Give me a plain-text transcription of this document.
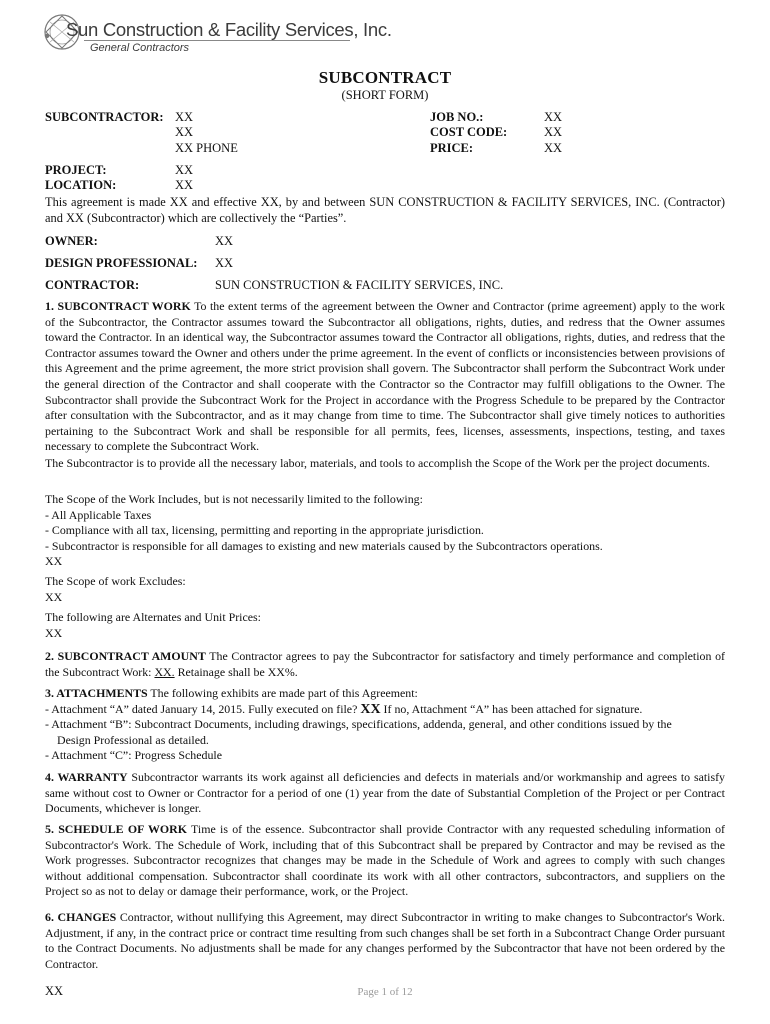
Sun Construction & Facility Services, Inc.
General Contractors
SUBCONTRACT
(SHORT FORM)
SUBCONTRACTOR: XX
XX
XX PHONE
JOB NO.:	XX
COST CODE:	XX
PRICE:	XX
PROJECT:	XX
LOCATION:	XX
This agreement is made XX and effective XX, by and between SUN CONSTRUCTION & FACILITY SERVICES, INC. (Contractor) and XX (Subcontractor) which are collectively the “Parties”.
OWNER:	XX
DESIGN PROFESSIONAL: XX
CONTRACTOR:	SUN CONSTRUCTION & FACILITY SERVICES, INC.
1. SUBCONTRACT WORK To the extent terms of the agreement between the Owner and Contractor (prime agreement) apply to the work of the Subcontractor, the Contractor assumes toward the Subcontractor all obligations, rights, duties, and redress that the Owner assumes toward the Contractor. In an identical way, the Subcontractor assumes toward the Contractor all obligations, rights, duties, and redress that the Contractor assumes toward the Owner and others under the prime agreement. In the event of conflicts or inconsistencies between provisions of this Agreement and the prime agreement, the more strict provision shall govern. The Subcontractor shall perform the Subcontract Work under the general direction of the Contractor and shall cooperate with the Contractor so the Contractor may fulfill obligations to the Owner. The Subcontractor shall provide the Subcontract Work for the Project in accordance with the Progress Schedule to be prepared by the Contractor after consultation with the Subcontractor, and as it may change from time to time. The Subcontractor shall give timely notices to authorities pertaining to the Subcontract Work and shall be responsible for all permits, fees, licenses, assessments, inspections, testing, and taxes necessary to complete the Subcontract Work.
The Subcontractor is to provide all the necessary labor, materials, and tools to accomplish the Scope of the Work per the project documents.
The Scope of the Work Includes, but is not necessarily limited to the following:
- All Applicable Taxes
- Compliance with all tax, licensing, permitting and reporting in the appropriate jurisdiction.
- Subcontractor is responsible for all damages to existing and new materials caused by the Subcontractors operations.
XX
The Scope of work Excludes:
XX
The following are Alternates and Unit Prices:
XX
2. SUBCONTRACT AMOUNT The Contractor agrees to pay the Subcontractor for satisfactory and timely performance and completion of the Subcontract Work: XX. Retainage shall be XX%.
3. ATTACHMENTS The following exhibits are made part of this Agreement:
- Attachment “A” dated January 14, 2015. Fully executed on file? XX If no, Attachment “A” has been attached for signature.
- Attachment “B”: Subcontract Documents, including drawings, specifications, addenda, general, and other conditions issued by the
Design Professional as detailed.
- Attachment “C”: Progress Schedule
4. WARRANTY Subcontractor warrants its work against all deficiencies and defects in materials and/or workmanship and agrees to satisfy same without cost to Owner or Contractor for a period of one (1) year from the date of Substantial Completion of the Project or per Contract Documents, whichever is longer.
5. SCHEDULE OF WORK Time is of the essence. Subcontractor shall provide Contractor with any requested scheduling information of Subcontractor's Work. The Schedule of Work, including that of this Subcontract shall be prepared by Contractor and may be revised as the Work progresses. Subcontractor recognizes that changes may be made in the Schedule of Work and agrees to comply with such changes without additional compensation. Subcontractor shall coordinate its work with all other contractors, subcontractors, and suppliers on the Project so as not to delay or damage their performance, work, or the Project.
6. CHANGES Contractor, without nullifying this Agreement, may direct Subcontractor in writing to make changes to Subcontractor's Work. Adjustment, if any, in the contract price or contract time resulting from such changes shall be set forth in a Subcontract Change Order pursuant to the Contract Documents. No adjustments shall be made for any changes performed by the Subcontractor that have not been ordered by the Contractor.
XX	Page 1 of 12
